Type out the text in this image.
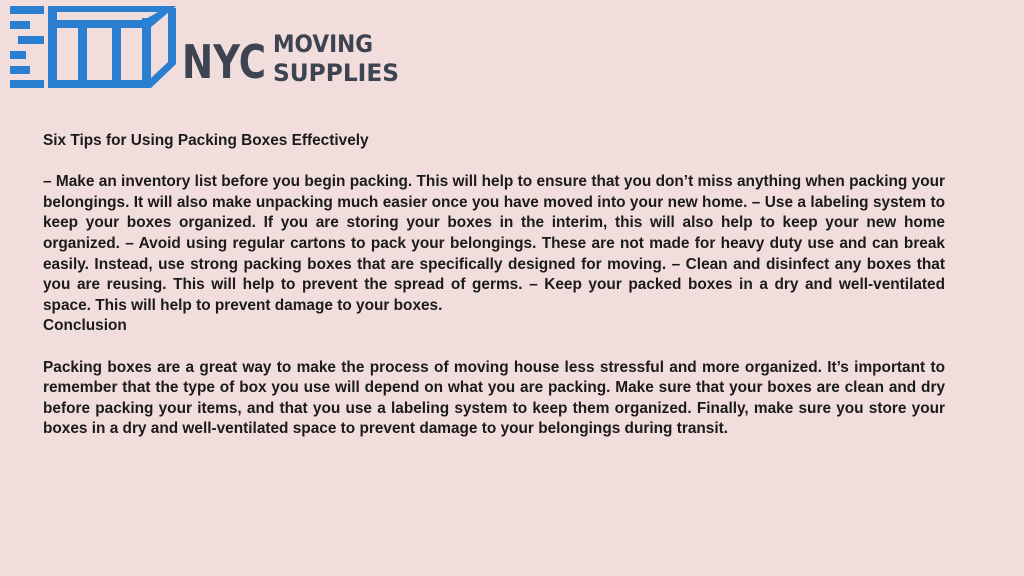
NYC MOVING
SUPPLIES

Six Tips for Using Packing Boxes Effectively

– Make an inventory list before you begin packing. This will help to ensure that you don’t miss anything when packing your belongings. It will also make unpacking much easier once you have moved into your new home. – Use a labeling system to keep your boxes organized. If you are storing your boxes in the interim, this will also help to keep your new home organized. – Avoid using regular cartons to pack your belongings. These are not made for heavy duty use and can break easily. Instead, use strong packing boxes that are specifically designed for moving. – Clean and disinfect any boxes that you are reusing. This will help to prevent the spread of germs. – Keep your packed boxes in a dry and well-ventilated space. This will help to prevent damage to your boxes.

Conclusion

Packing boxes are a great way to make the process of moving house less stressful and more organized. It’s important to remember that the type of box you use will depend on what you are packing. Make sure that your boxes are clean and dry before packing your items, and that you use a labeling system to keep them organized. Finally, make sure you store your boxes in a dry and well-ventilated space to prevent damage to your belongings during transit.
